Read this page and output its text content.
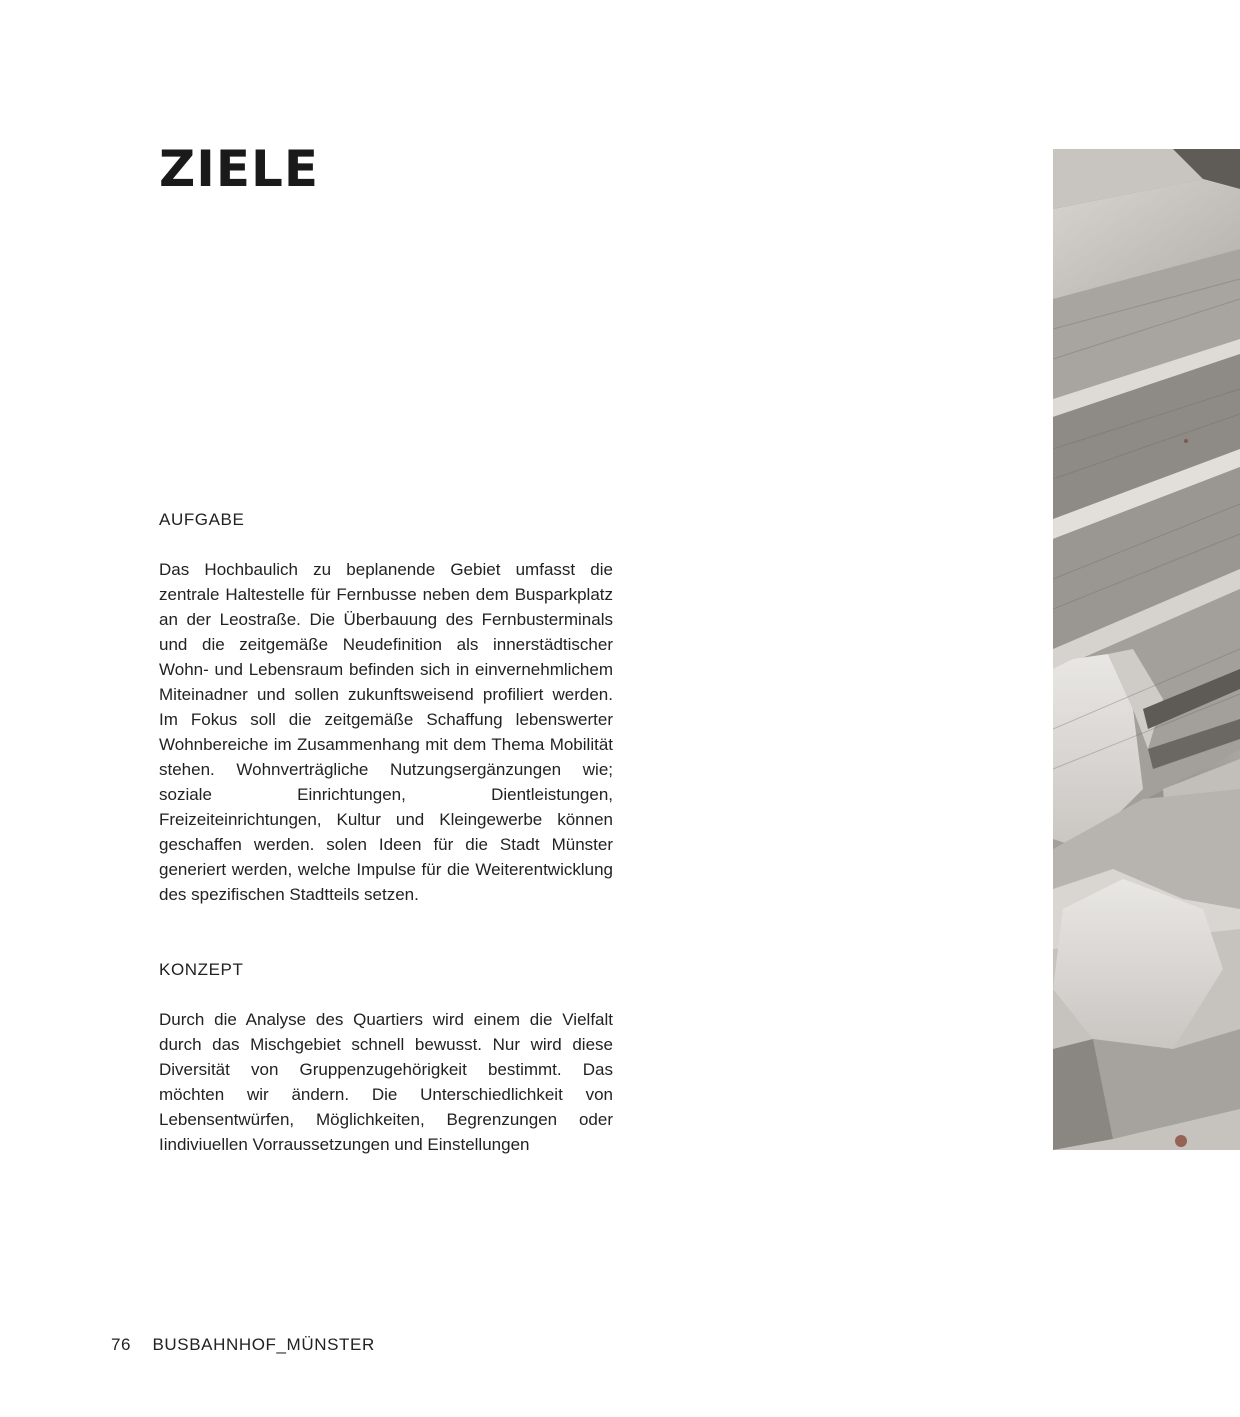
ZIELE
AUFGABE

Das Hochbaulich zu beplanende Gebiet umfasst die zentrale Haltestelle für Fernbusse neben dem Busparkplatz an der Leostraße. Die Überbauung des Fernbusterminals und die zeitgemäße Neudefinition als innerstädtischer Wohn- und Lebensraum befinden sich in einvernehmlichem Miteinadner und sollen zukunftsweisend profiliert werden. Im Fokus soll die zeitgemäße Schaffung lebenswerter Wohnbereiche im Zusammenhang mit dem Thema Mobilität stehen. Wohnverträgliche Nutzungsergänzungen wie; soziale Einrichtungen, Dientleistungen, Freizeiteinrichtungen, Kultur und Kleingewerbe können geschaffen werden. solen Ideen für die Stadt Münster generiert werden, welche Impulse für die Weiterentwicklung des spezifischen Stadtteils setzen.

KONZEPT

Durch die Analyse des Quartiers wird einem die Vielfalt durch das Mischgebiet schnell bewusst. Nur wird diese Diversität von Gruppenzugehörigkeit bestimmt. Das möchten wir ändern. Die Unterschiedlichkeit von Lebensentwürfen, Möglichkeiten, Begrenzungen oder Iindiviuellen Vorraussetzungen und Einstellungen

76 BUSBAHNHOF_MÜNSTER
